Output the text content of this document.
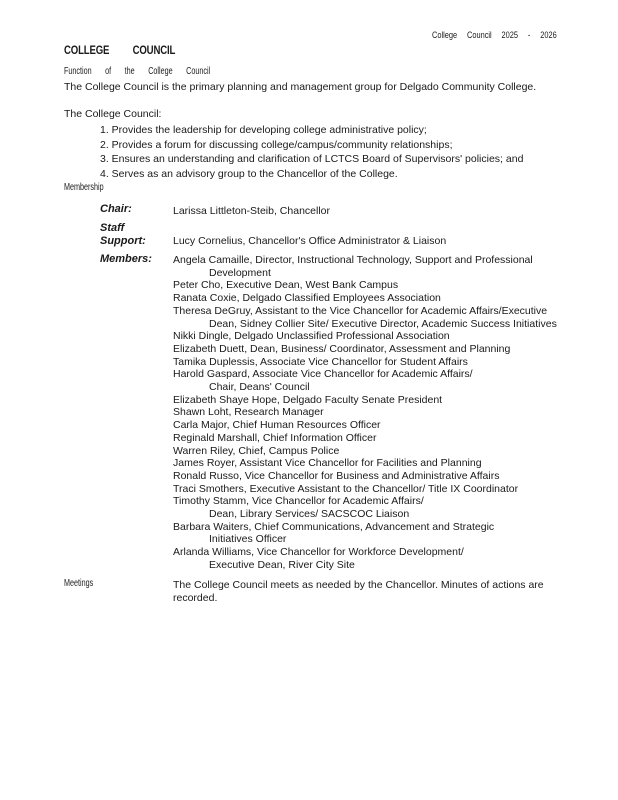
College Council 2025 - 2026
COLLEGE COUNCIL
Function of the College Council
The College Council is the primary planning and management group for Delgado Community College.
The College Council:
1. Provides the leadership for developing college administrative policy;
2. Provides a forum for discussing college/campus/community relationships;
3. Ensures an understanding and clarification of LCTCS Board of Supervisors' policies; and
4. Serves as an advisory group to the Chancellor of the College.
Membership
Chair:	Larissa Littleton-Steib, Chancellor
Staff Support:	Lucy Cornelius, Chancellor's Office Administrator & Liaison
Members: Angela Camaille, Director, Instructional Technology, Support and Professional
Development
Peter Cho, Executive Dean, West Bank Campus
Ranata Coxie, Delgado Classified Employees Association
Theresa DeGruy, Assistant to the Vice Chancellor for Academic Affairs/Executive
Dean, Sidney Collier Site/ Executive Director, Academic Success Initiatives
Nikki Dingle, Delgado Unclassified Professional Association
Elizabeth Duett, Dean, Business/ Coordinator, Assessment and Planning
Tamika Duplessis, Associate Vice Chancellor for Student Affairs
Harold Gaspard, Associate Vice Chancellor for Academic Affairs/
Chair, Deans' Council
Elizabeth Shaye Hope, Delgado Faculty Senate President
Shawn Loht, Research Manager
Carla Major, Chief Human Resources Officer
Reginald Marshall, Chief Information Officer
Warren Riley, Chief, Campus Police
James Royer, Assistant Vice Chancellor for Facilities and Planning
Ronald Russo, Vice Chancellor for Business and Administrative Affairs
Traci Smothers, Executive Assistant to the Chancellor/ Title IX Coordinator
Timothy Stamm, Vice Chancellor for Academic Affairs/
Dean, Library Services/ SACSCOC Liaison
Barbara Waiters, Chief Communications, Advancement and Strategic
Initiatives Officer
Arlanda Williams, Vice Chancellor for Workforce Development/
Executive Dean, River City Site
Meetings	The College Council meets as needed by the Chancellor. Minutes of actions are recorded.
